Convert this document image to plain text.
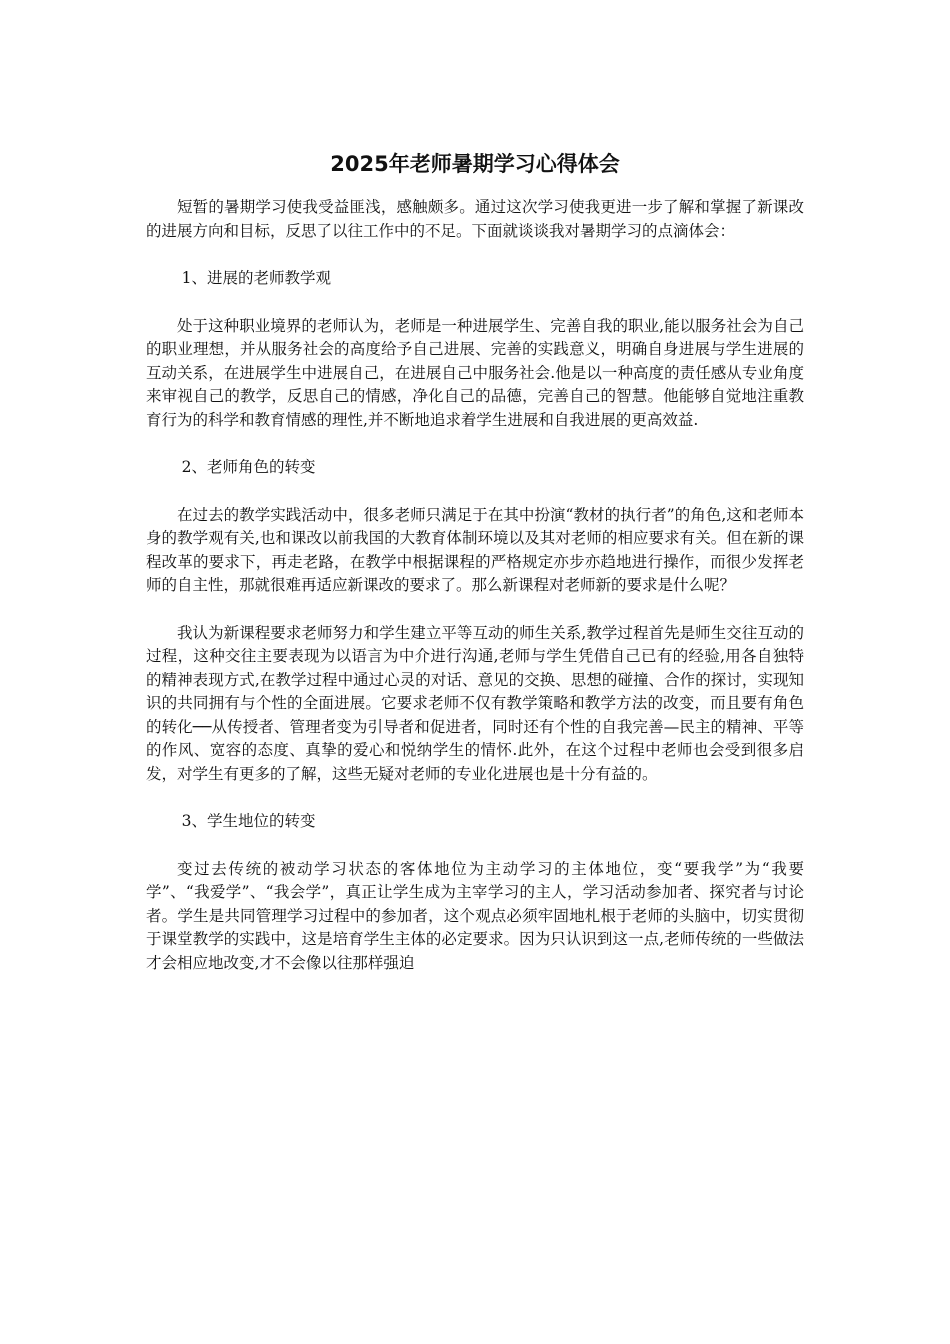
2025年老师暑期学习心得体会

短暂的暑期学习使我受益匪浅，感触颇多。通过这次学习使我更进一步了解和掌握了新课改的进展方向和目标，反思了以往工作中的不足。下面就谈谈我对暑期学习的点滴体会：

1、进展的老师教学观

处于这种职业境界的老师认为，老师是一种进展学生、完善自我的职业,能以服务社会为自己的职业理想，并从服务社会的高度给予自己进展、完善的实践意义，明确自身进展与学生进展的互动关系，在进展学生中进展自己，在进展自己中服务社会.他是以一种高度的责任感从专业角度来审视自己的教学，反思自己的情感，净化自己的品德，完善自己的智慧。他能够自觉地注重教育行为的科学和教育情感的理性,并不断地追求着学生进展和自我进展的更高效益.

2、老师角色的转变

在过去的教学实践活动中，很多老师只满足于在其中扮演“教材的执行者”的角色,这和老师本身的教学观有关,也和课改以前我国的大教育体制环境以及其对老师的相应要求有关。但在新的课程改革的要求下，再走老路，在教学中根据课程的严格规定亦步亦趋地进行操作，而很少发挥老师的自主性，那就很难再适应新课改的要求了。那么新课程对老师新的要求是什么呢？

我认为新课程要求老师努力和学生建立平等互动的师生关系,教学过程首先是师生交往互动的过程，这种交往主要表现为以语言为中介进行沟通,老师与学生凭借自己已有的经验,用各自独特的精神表现方式,在教学过程中通过心灵的对话、意见的交换、思想的碰撞、合作的探讨，实现知识的共同拥有与个性的全面进展。它要求老师不仅有教学策略和教学方法的改变，而且要有角色的转化──从传授者、管理者变为引导者和促进者，同时还有个性的自我完善—民主的精神、平等的作风、宽容的态度、真挚的爱心和悦纳学生的情怀.此外，在这个过程中老师也会受到很多启发，对学生有更多的了解，这些无疑对老师的专业化进展也是十分有益的。

3、学生地位的转变

变过去传统的被动学习状态的客体地位为主动学习的主体地位，变“要我学”为“我要学”、“我爱学”、“我会学”，真正让学生成为主宰学习的主人，学习活动参加者、探究者与讨论者。学生是共同管理学习过程中的参加者，这个观点必须牢固地札根于老师的头脑中，切实贯彻于课堂教学的实践中，这是培育学生主体的必定要求。因为只认识到这一点,老师传统的一些做法才会相应地改变,才不会像以往那样强迫
